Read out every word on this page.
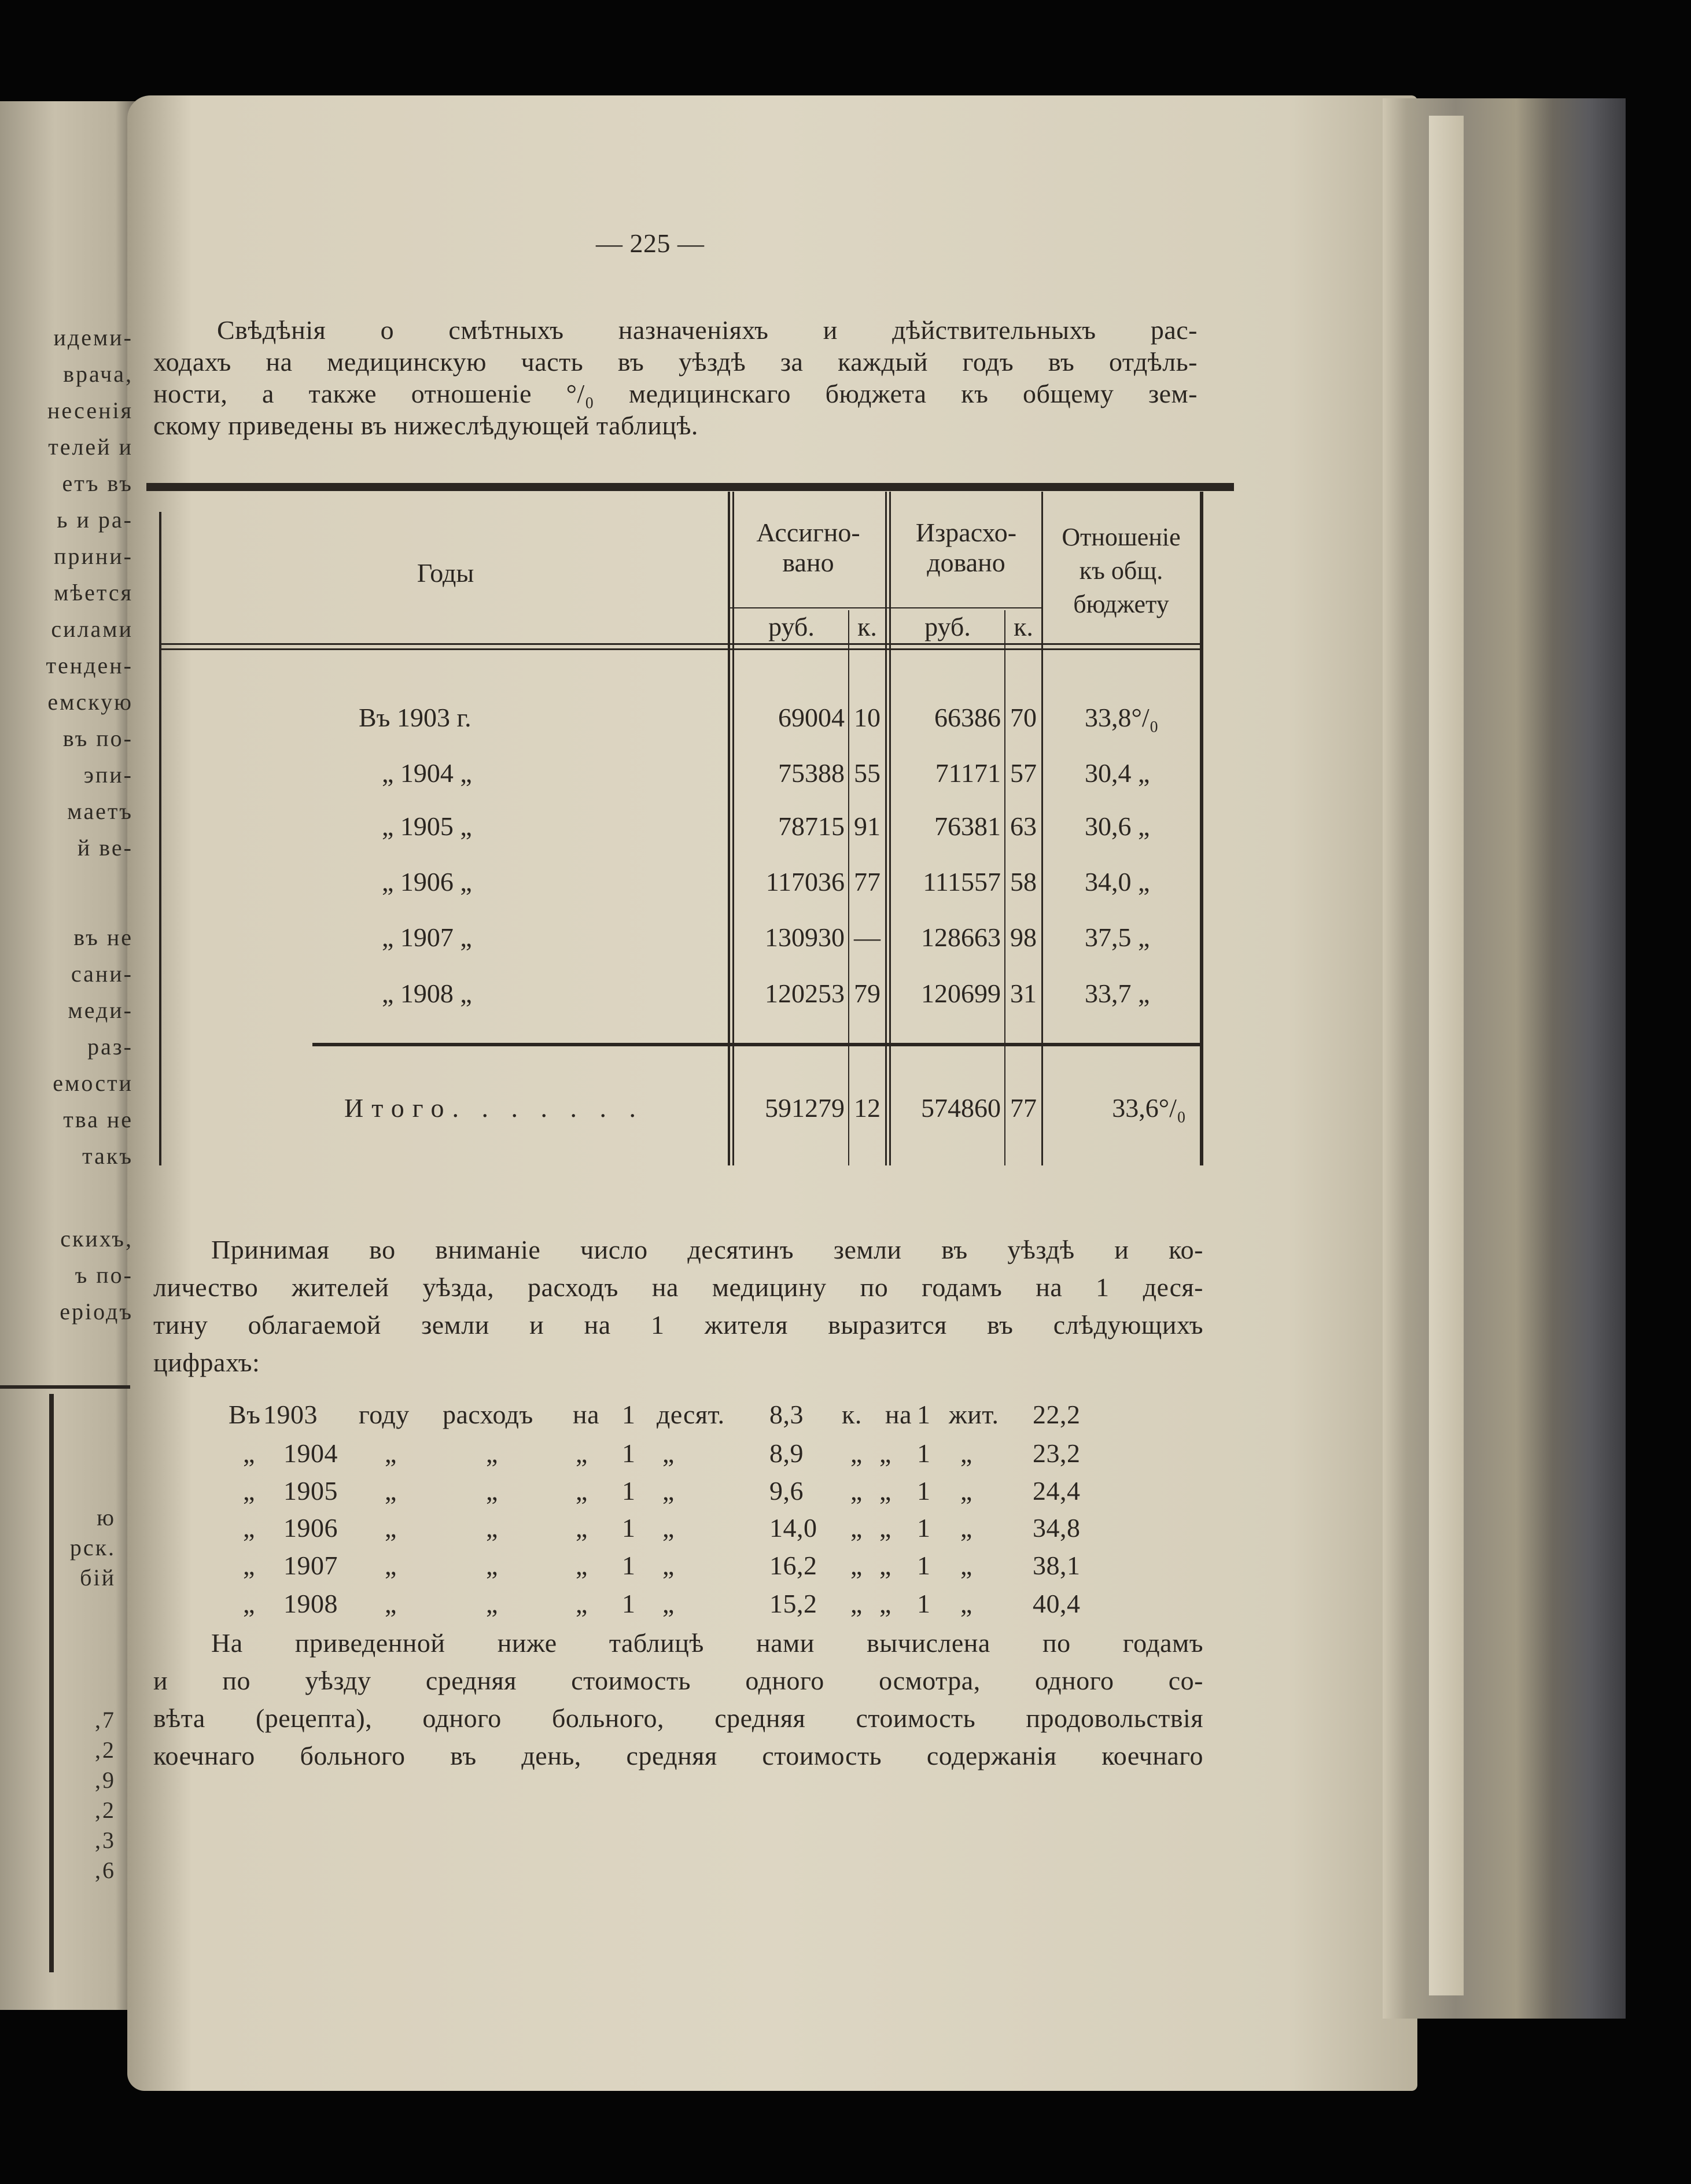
идеми-
врача,
несенія
телей и
етъ въ
ь и ра-
прини-
мѣется
силами
тенден-
емскую
въ по-
эпи-
маетъ
й ве-
въ не
сани-
меди-
раз-
емости
тва не
такъ
скихъ,
ъ по-
еріодъ
ю
рск.
бій
,7
,2
,9
,2
,3
,6
— 225 —
Свѣдѣнія о смѣтныхъ назначеніяхъ и дѣйствительныхъ рас-
ходахъ на медицинскую часть въ уѣздѣ за каждый годъ въ отдѣль-
ности, а также отношеніе °/₀ медицинскаго бюджета къ общему зем-
скому приведены въ нижеслѣдующей таблицѣ.
Годы
Ассигно-
вано
Израсхо-
довано
Отношеніе
къ общ.
бюджету
руб.	к.	руб.	к.
Въ 1903 г.	69004 10	66386 70 33,8°/₀
„ 1904 „	75388 55	71171 57 30,4 „
„ 1905 „	78715 91	76381 63 30,6 „
„ 1906 „	117036 77	111557 58 34,0 „
„ 1907 „	130930 —	128663 98 37,5 „
„ 1908 „	120253 79	120699 31 33,7 „
Итого. . . . . . .	591279 12	574860 77	33,6°/₀
Принимая во вниманіе число десятинъ земли въ уѣздѣ и ко-
личество жителей уѣзда, расходъ на медицину по годамъ на 1 деся-
тину облагаемой земли и на 1 жителя выразится въ слѣдующихъ
цифрахъ:
Въ 1903 году расходъ на 1 десят. 8,3 к. на 1 жит. 22,2
„ 1904 „	„	„ 1 „	8,9 „ „ 1 „ 23,2
„ 1905 „	„	„ 1 „	9,6 „ „ 1 „ 24,4
„ 1906 „	„	„ 1 „	14,0 „ „ 1 „ 34,8
„ 1907 „	„	„ 1 „	16,2 „ „ 1 „ 38,1
„ 1908 „	„	„ 1 „	15,2 „ „ 1 „ 40,4
На приведенной ниже таблицѣ нами вычислена по годамъ
и по уѣзду средняя стоимость одного осмотра, одного со-
вѣта (рецепта), одного больного, средняя стоимость продовольствія
коечнаго больного въ день, средняя стоимость содержанія коечнаго
